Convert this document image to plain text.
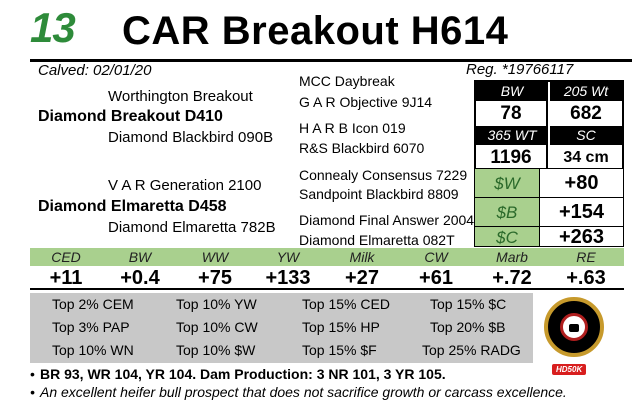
13 CAR Breakout H614
Calved: 02/01/20	Reg. *19766117
Worthington Breakout
Diamond Breakout D410
Diamond Blackbird 090B
V A R Generation 2100
Diamond Elmaretta D458
Diamond Elmaretta 782B
MCC Daybreak
G A R Objective 9J14
H A R B Icon 019
R&S Blackbird 6070
Connealy Consensus 7229
Sandpoint Blackbird 8809
Diamond Final Answer 2004
Diamond Elmaretta 082T
BW	205 Wt
78	682
365 WT	SC
1196	34 cm
$W	+80
$B	+154
$C	+263
CED	BW	WW	YW	Milk	CW	Marb	RE
+11	+0.4	+75	+133	+27	+61	+.72	+.63
Top 2% CEM	Top 10% YW	Top 15% CED	Top 15% $C
Top 3% PAP	Top 10% CW	Top 15% HP	Top 20% $B
Top 10% WN	Top 10% $W	Top 15% $F	Top 25% RADG
HD50K
• BR 93, WR 104, YR 104. Dam Production: 3 NR 101, 3 YR 105.
• An excellent heifer bull prospect that does not sacrifice growth or carcass excellence.
